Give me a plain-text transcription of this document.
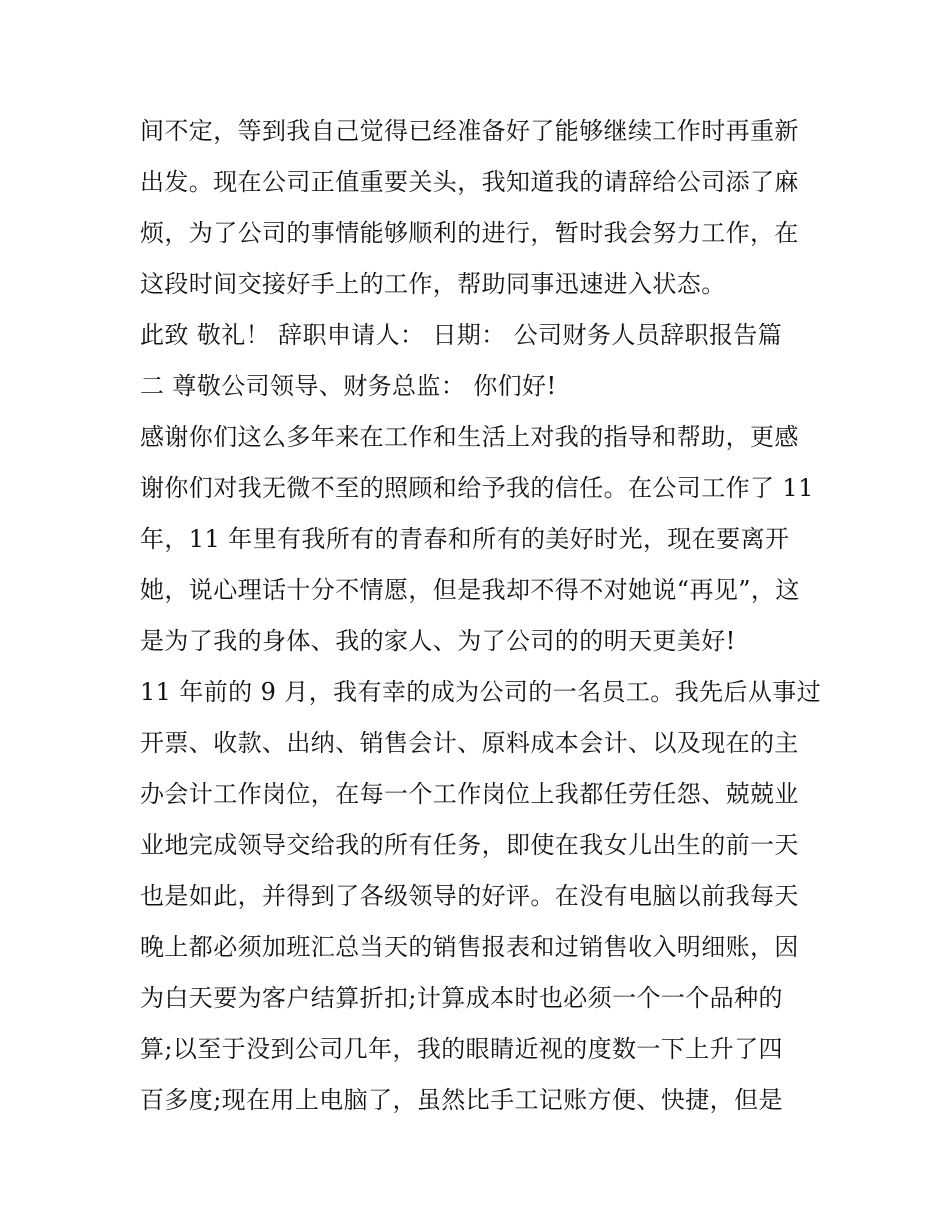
间不定，等到我自己觉得已经准备好了能够继续工作时再重新
出发。现在公司正值重要关头，我知道我的请辞给公司添了麻
烦，为了公司的事情能够顺利的进行，暂时我会努力工作，在
这段时间交接好手上的工作，帮助同事迅速进入状态。
此致 敬礼！ 辞职申请人： 日期： 公司财务人员辞职报告篇
二 尊敬公司领导、财务总监： 你们好!
感谢你们这么多年来在工作和生活上对我的指导和帮助，更感
谢你们对我无微不至的照顾和给予我的信任。在公司工作了 11
年，11 年里有我所有的青春和所有的美好时光，现在要离开
她，说心理话十分不情愿，但是我却不得不对她说“再见”，这
是为了我的身体、我的家人、为了公司的的明天更美好!
11 年前的 9 月，我有幸的成为公司的一名员工。我先后从事过
开票、收款、出纳、销售会计、原料成本会计、以及现在的主
办会计工作岗位，在每一个工作岗位上我都任劳任怨、兢兢业
业地完成领导交给我的所有任务，即使在我女儿出生的前一天
也是如此，并得到了各级领导的好评。在没有电脑以前我每天
晚上都必须加班汇总当天的销售报表和过销售收入明细账，因
为白天要为客户结算折扣;计算成本时也必须一个一个品种的
算;以至于没到公司几年，我的眼睛近视的度数一下上升了四
百多度;现在用上电脑了，虽然比手工记账方便、快捷，但是
